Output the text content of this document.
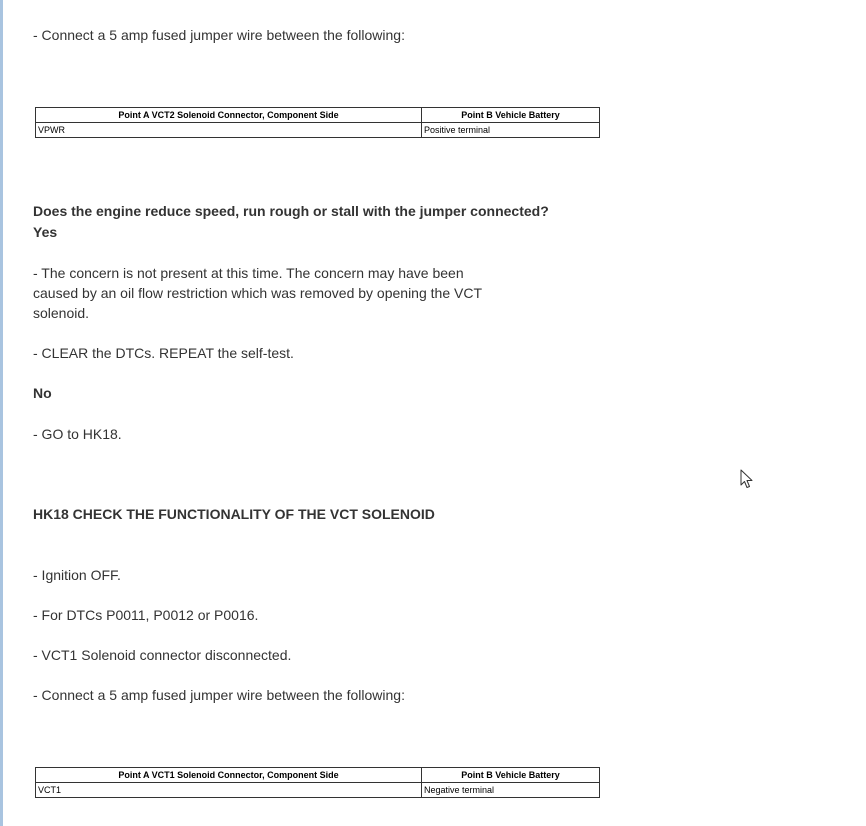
- Connect a 5 amp fused jumper wire between the following:

Point A VCT2 Solenoid Connector, Component Side	Point B Vehicle Battery
VPWR	Positive terminal

Does the engine reduce speed, run rough or stall with the jumper connected?

Yes

- The concern is not present at this time. The concern may have been caused by an oil flow restriction which was removed by opening the VCT solenoid.

- CLEAR the DTCs. REPEAT the self-test.

No

- GO to HK18.

HK18 CHECK THE FUNCTIONALITY OF THE VCT SOLENOID

- Ignition OFF.

- For DTCs P0011, P0012 or P0016.

- VCT1 Solenoid connector disconnected.

- Connect a 5 amp fused jumper wire between the following:

Point A VCT1 Solenoid Connector, Component Side	Point B Vehicle Battery
VCT1	Negative terminal
